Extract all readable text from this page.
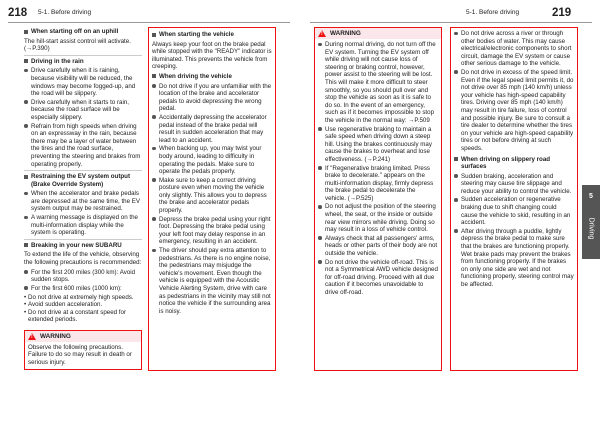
218 5-1. Before driving	5-1. Before driving	219
When starting off on an uphill

The hill-start assist control will activate. (→P.390)

Driving in the rain
Drive carefully when it is raining, because visibility will be reduced, the windows may become fogged-up, and the road will be slippery.
Drive carefully when it starts to rain, because the road surface will be especially slippery.
Refrain from high speeds when driving on an expressway in the rain, because there may be a layer of water between the tires and the road surface, preventing the steering and brakes from operating properly.
Restraining the EV system output (Brake Override System)
When the accelerator and brake pedals are depressed at the same time, the EV system output may be restrained.
A warning message is displayed on the multi-information display while the system is operating.
Breaking in your new SUBARU

To extend the life of the vehicle, observing the following precautions is recommended:

For the first 200 miles (300 km): Avoid sudden stops.
For the first 600 miles (1000 km):
• Do not drive at extremely high speeds.
• Avoid sudden acceleration.
• Do not drive at a constant speed for extended periods.
!
WARNING
Observe the following precautions. Failure to do so may result in death or serious injury.
When starting the vehicle

Always keep your foot on the brake pedal while stopped with the "READY" indicator is illuminated. This prevents the vehicle from creeping.

When driving the vehicle
Do not drive if you are unfamiliar with the location of the brake and accelerator pedals to avoid depressing the wrong pedal.
Accidentally depressing the accelerator pedal instead of the brake pedal will result in sudden acceleration that may lead to an accident.
When backing up, you may twist your body around, leading to difficulty in operating the pedals. Make sure to operate the pedals properly.
Make sure to keep a correct driving posture even when moving the vehicle only slightly. This allows you to depress the brake and accelerator pedals properly.
Depress the brake pedal using your right foot. Depressing the brake pedal using your left foot may delay response in an emergency, resulting in an accident.
The driver should pay extra attention to pedestrians. As there is no engine noise, the pedestrians may misjudge the vehicle's movement. Even though the vehicle is equipped with the Acoustic Vehicle Alerting System, drive with care as pedestrians in the vicinity may still not notice the vehicle if the surrounding area is noisy.
!
WARNING
During normal driving, do not turn off the EV system. Turning the EV system off while driving will not cause loss of steering or braking control, however, power assist to the steering will be lost. This will make it more difficult to steer smoothly, so you should pull over and stop the vehicle as soon as it is safe to do so. In the event of an emergency, such as if it becomes impossible to stop the vehicle in the normal way: →P.509
Use regenerative braking to maintain a safe speed when driving down a steep hill. Using the brakes continuously may cause the brakes to overheat and lose effectiveness. (→P.241)
If "Regenerative braking limited. Press brake to decelerate." appears on the multi-information display, firmly depress the brake pedal to decelerate the vehicle. (→P.525)
Do not adjust the position of the steering wheel, the seat, or the inside or outside rear view mirrors while driving. Doing so may result in a loss of vehicle control.
Always check that all passengers' arms, heads or other parts of their body are not outside the vehicle.
Do not drive the vehicle off-road. This is not a Symmetrical AWD vehicle designed for off-road driving. Proceed with all due caution if it becomes unavoidable to drive off-road.
Do not drive across a river or through other bodies of water. This may cause electrical/electronic components to short circuit, damage the EV system or cause other serious damage to the vehicle.
Do not drive in excess of the speed limit. Even if the legal speed limit permits it, do not drive over 85 mph (140 km/h) unless your vehicle has high-speed capability tires. Driving over 85 mph (140 km/h) may result in tire failure, loss of control and possible injury. Be sure to consult a tire dealer to determine whether the tires on your vehicle are high-speed capability tires or not before driving at such speeds.
When driving on slippery road surfaces
Sudden braking, acceleration and steering may cause tire slippage and reduce your ability to control the vehicle.
Sudden acceleration or regenerative braking due to shift changing could cause the vehicle to skid, resulting in an accident.
After driving through a puddle, lightly depress the brake pedal to make sure that the brakes are functioning properly. Wet brake pads may prevent the brakes from functioning properly. If the brakes on only one side are wet and not functioning properly, steering control may be affected.
5
Driving
